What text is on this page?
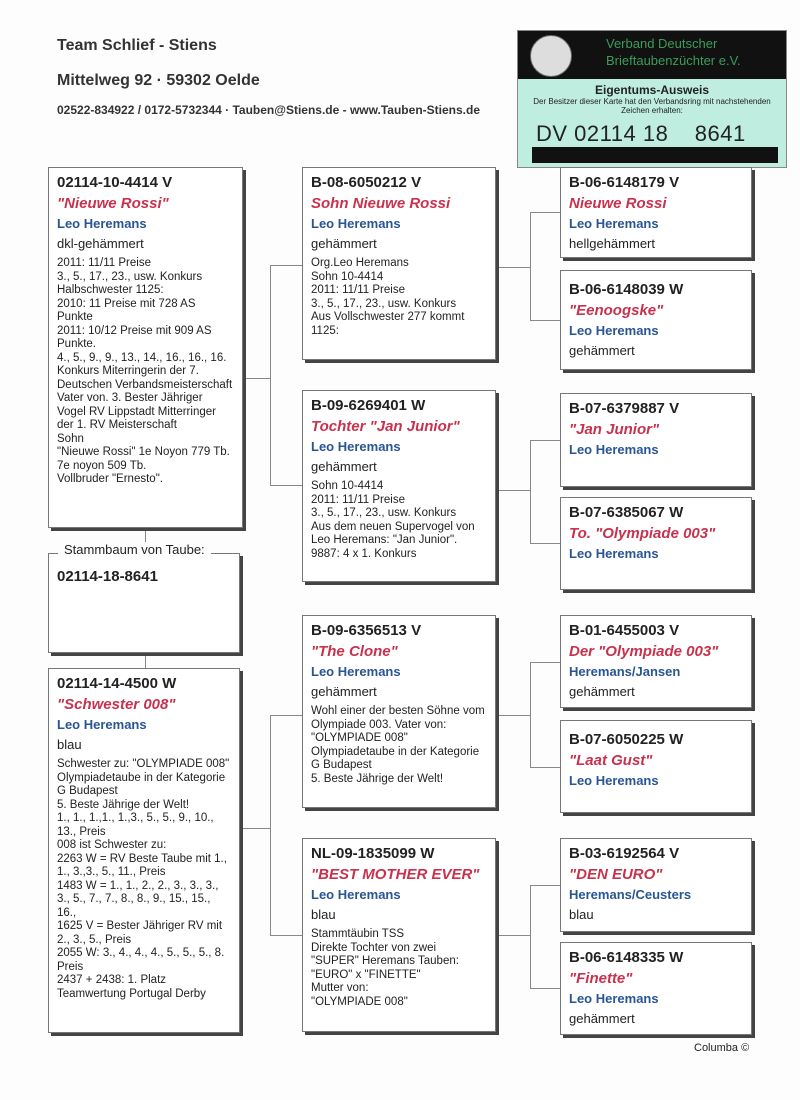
Team Schlief - Stiens
Mittelweg 92 · 59302 Oelde
02522-834922 / 0172-5732344 · Tauben@Stiens.de - www.Tauben-Stiens.de
Verband Deutscher
Brieftaubenzüchter e.V.
Eigentums-Ausweis
Der Besitzer dieser Karte hat den Verbandsring mit nachstehenden Zeichen erhalten:
DV 02114 18    8641
02114-18-8641
Stammbaum von Taube:
02114-10-4414 V
"Nieuwe Rossi"
Leo Heremans
dkl-gehämmert
2011: 11/11 Preise
3., 5., 17., 23., usw. Konkurs
Halbschwester 1125:
2010: 11 Preise mit 728 AS Punkte
2011: 10/12 Preise mit 909 AS Punkte.
4., 5., 9., 9., 13., 14., 16., 16., 16. Konkurs Miterringerin der 7. Deutschen Verbandsmeisterschaft
Vater von. 3. Bester Jähriger Vogel RV Lippstadt Mitterringer der 1. RV Meisterschaft
Sohn
"Nieuwe Rossi" 1e Noyon 779 Tb. 7e noyon 509 Tb.
Vollbruder "Ernesto".
02114-14-4500 W
"Schwester 008"
Leo Heremans
blau
Schwester zu: "OLYMPIADE 008" Olympiadetaube in der Kategorie G Budapest
5. Beste Jährige der Welt!
1., 1., 1.,1., 1.,3., 5., 5., 9., 10., 13., Preis
008 ist Schwester zu:
2263 W = RV Beste Taube mit 1., 1., 3.,3., 5., 11., Preis
1483 W = 1., 1., 2., 2., 3., 3., 3., 3., 5., 7., 7., 8., 8., 9., 15., 15., 16.,
1625 V = Bester Jähriger RV mit 2., 3., 5., Preis
2055 W: 3., 4., 4., 4., 5., 5., 5., 8. Preis
2437 + 2438: 1. Platz Teamwertung Portugal Derby
B-08-6050212 V
Sohn Nieuwe Rossi
Leo Heremans
gehämmert
Org.Leo Heremans
Sohn 10-4414
2011: 11/11 Preise
3., 5., 17., 23., usw. Konkurs
Aus Vollschwester 277 kommt 1125:
B-09-6269401 W
Tochter "Jan Junior"
Leo Heremans
gehämmert
Sohn 10-4414
2011: 11/11 Preise
3., 5., 17., 23., usw. Konkurs
Aus dem neuen Supervogel von Leo Heremans: "Jan Junior".
9887: 4 x 1. Konkurs
B-09-6356513 V
"The Clone"
Leo Heremans
gehämmert
Wohl einer der besten Söhne vom Olympiade 003. Vater von:
"OLYMPIADE 008"
Olympiadetaube in der Kategorie G Budapest
5. Beste Jährige der Welt!
NL-09-1835099 W
"BEST MOTHER EVER"
Leo Heremans
blau
Stammtäubin TSS
Direkte Tochter von zwei "SUPER" Heremans Tauben:
"EURO" x "FINETTE"
Mutter von:
"OLYMPIADE 008"
B-06-6148179 V
Nieuwe Rossi
Leo Heremans
hellgehämmert
B-06-6148039 W
"Eenoogske"
Leo Heremans
gehämmert
B-07-6379887 V
"Jan Junior"
Leo Heremans
B-07-6385067 W
To. "Olympiade 003"
Leo Heremans
B-01-6455003 V
Der "Olympiade 003"
Heremans/Jansen
gehämmert
B-07-6050225 W
"Laat Gust"
Leo Heremans
B-03-6192564 V
"DEN EURO"
Heremans/Ceusters
blau
B-06-6148335 W
"Finette"
Leo Heremans
gehämmert
Columba ©
